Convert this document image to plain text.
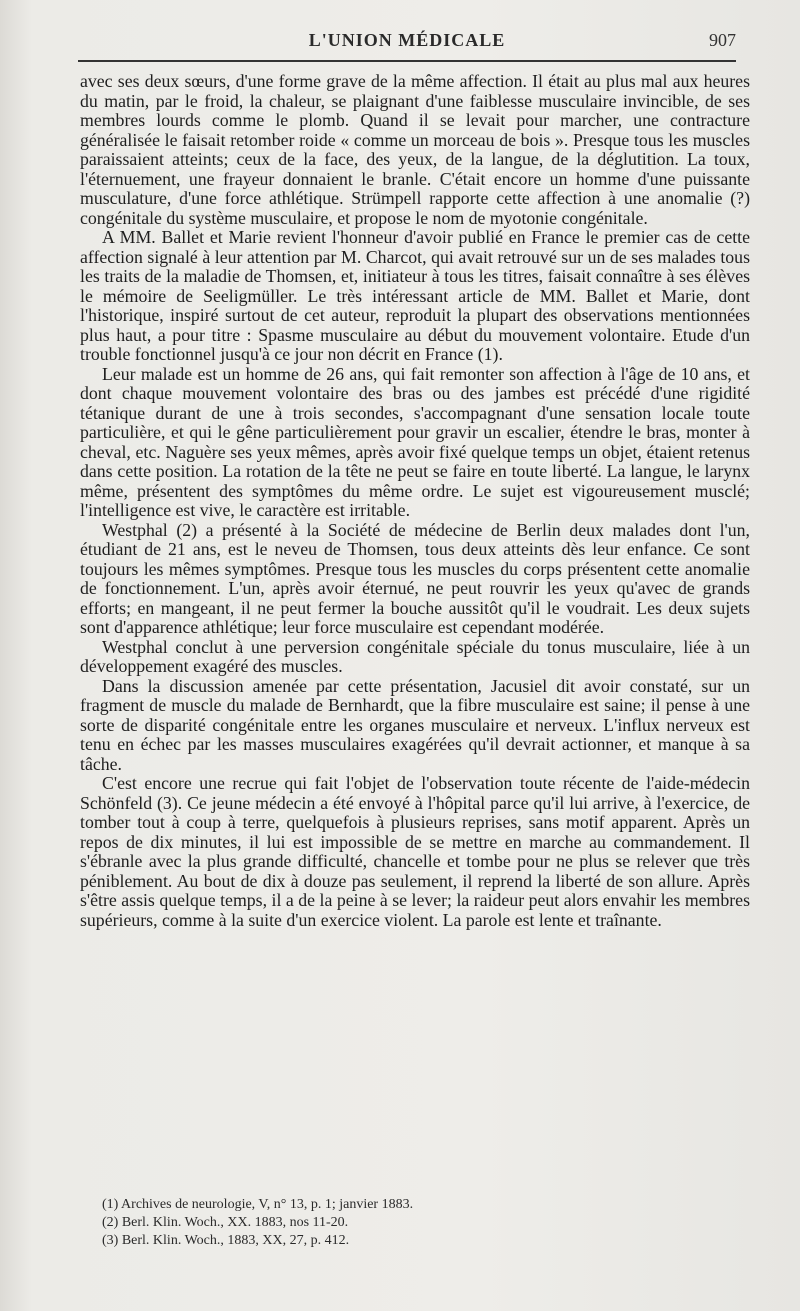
L'UNION MÉDICALE	907

avec ses deux sœurs, d'une forme grave de la même affection. Il était au plus mal aux heures du matin, par le froid, la chaleur, se plaignant d'une faiblesse musculaire invincible, de ses membres lourds comme le plomb. Quand il se levait pour marcher, une contracture généralisée le faisait retomber roide « comme un morceau de bois ». Presque tous les muscles paraissaient atteints; ceux de la face, des yeux, de la langue, de la déglutition. La toux, l'éternuement, une frayeur donnaient le branle. C'était encore un homme d'une puissante musculature, d'une force athlétique. Strümpell rapporte cette affection à une anomalie (?) congénitale du système musculaire, et propose le nom de myotonie congénitale.

A MM. Ballet et Marie revient l'honneur d'avoir publié en France le premier cas de cette affection signalé à leur attention par M. Charcot, qui avait retrouvé sur un de ses malades tous les traits de la maladie de Thomsen, et, initiateur à tous les titres, faisait connaître à ses élèves le mémoire de Seeligmüller. Le très intéressant article de MM. Ballet et Marie, dont l'historique, inspiré surtout de cet auteur, reproduit la plupart des observations mentionnées plus haut, a pour titre : Spasme musculaire au début du mouvement volontaire. Etude d'un trouble fonctionnel jusqu'à ce jour non décrit en France (1).

Leur malade est un homme de 26 ans, qui fait remonter son affection à l'âge de 10 ans, et dont chaque mouvement volontaire des bras ou des jambes est précédé d'une rigidité tétanique durant de une à trois secondes, s'accompagnant d'une sensation locale toute particulière, et qui le gêne particulièrement pour gravir un escalier, étendre le bras, monter à cheval, etc. Naguère ses yeux mêmes, après avoir fixé quelque temps un objet, étaient retenus dans cette position. La rotation de la tête ne peut se faire en toute liberté. La langue, le larynx même, présentent des symptômes du même ordre. Le sujet est vigoureusement musclé; l'intelligence est vive, le caractère est irritable.

Westphal (2) a présenté à la Société de médecine de Berlin deux malades dont l'un, étudiant de 21 ans, est le neveu de Thomsen, tous deux atteints dès leur enfance. Ce sont toujours les mêmes symptômes. Presque tous les muscles du corps présentent cette anomalie de fonctionnement. L'un, après avoir éternué, ne peut rouvrir les yeux qu'avec de grands efforts; en mangeant, il ne peut fermer la bouche aussitôt qu'il le voudrait. Les deux sujets sont d'apparence athlétique; leur force musculaire est cependant modérée.

Westphal conclut à une perversion congénitale spéciale du tonus musculaire, liée à un développement exagéré des muscles.

Dans la discussion amenée par cette présentation, Jacusiel dit avoir constaté, sur un fragment de muscle du malade de Bernhardt, que la fibre musculaire est saine; il pense à une sorte de disparité congénitale entre les organes musculaire et nerveux. L'influx nerveux est tenu en échec par les masses musculaires exagérées qu'il devrait actionner, et manque à sa tâche.

C'est encore une recrue qui fait l'objet de l'observation toute récente de l'aide-médecin Schönfeld (3). Ce jeune médecin a été envoyé à l'hôpital parce qu'il lui arrive, à l'exercice, de tomber tout à coup à terre, quelquefois à plusieurs reprises, sans motif apparent. Après un repos de dix minutes, il lui est impossible de se mettre en marche au commandement. Il s'ébranle avec la plus grande difficulté, chancelle et tombe pour ne plus se relever que très péniblement. Au bout de dix à douze pas seulement, il reprend la liberté de son allure. Après s'être assis quelque temps, il a de la peine à se lever; la raideur peut alors envahir les membres supérieurs, comme à la suite d'un exercice violent. La parole est lente et traînante.

(1) Archives de neurologie, V, n° 13, p. 1; janvier 1883.
(2) Berl. Klin. Woch., XX. 1883, nos 11-20.
(3) Berl. Klin. Woch., 1883, XX, 27, p. 412.
